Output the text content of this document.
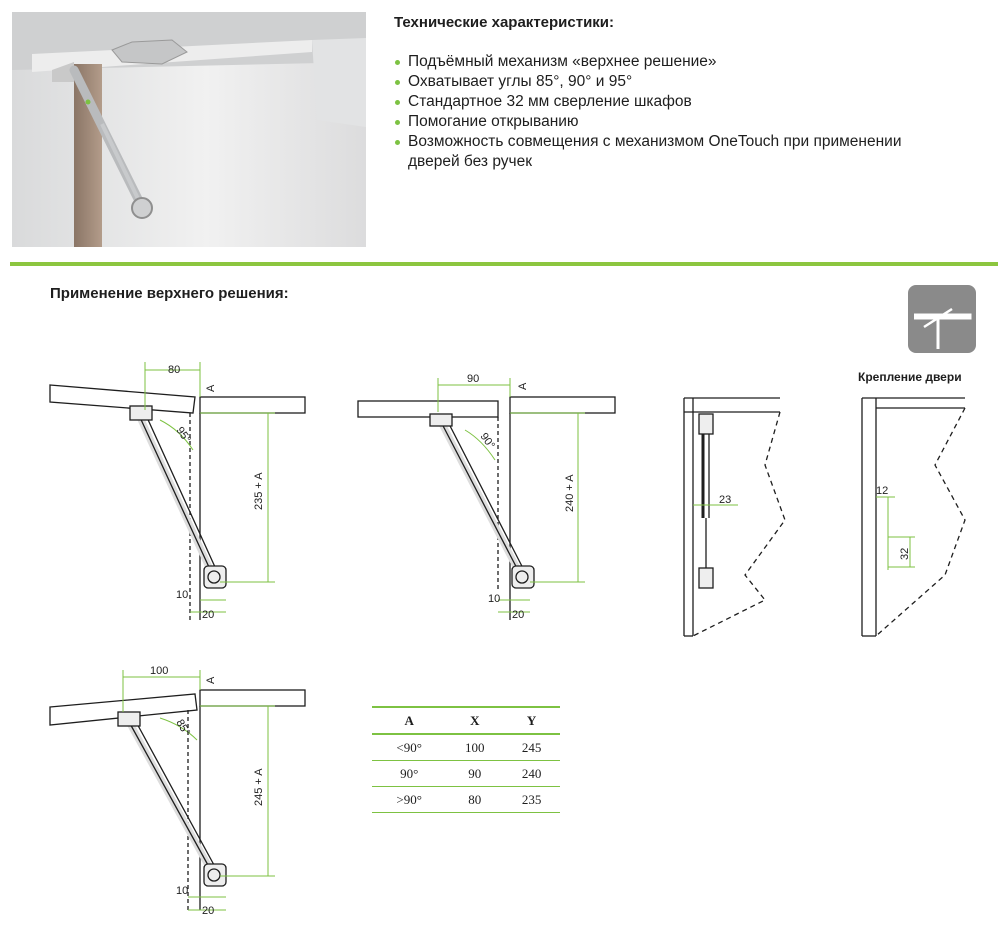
Технические характеристики:
Подъёмный механизм «верхнее решение»
Охватывает углы 85°, 90° и 95°
Стандартное 32 мм сверление шкафов
Помогание открыванию
Возможность совмещения с механизмом OneTouch при применении дверей без ручек
Применение верхнего решения:
Крепление двери
80
A
235 + A
95°
10
20
90
A
240 + A
90°
10
20
23
12
32
100
A
245 + A
85°
10
20
A	X	Y
<90°	100	245
90°	90	240
>90°	80	235
